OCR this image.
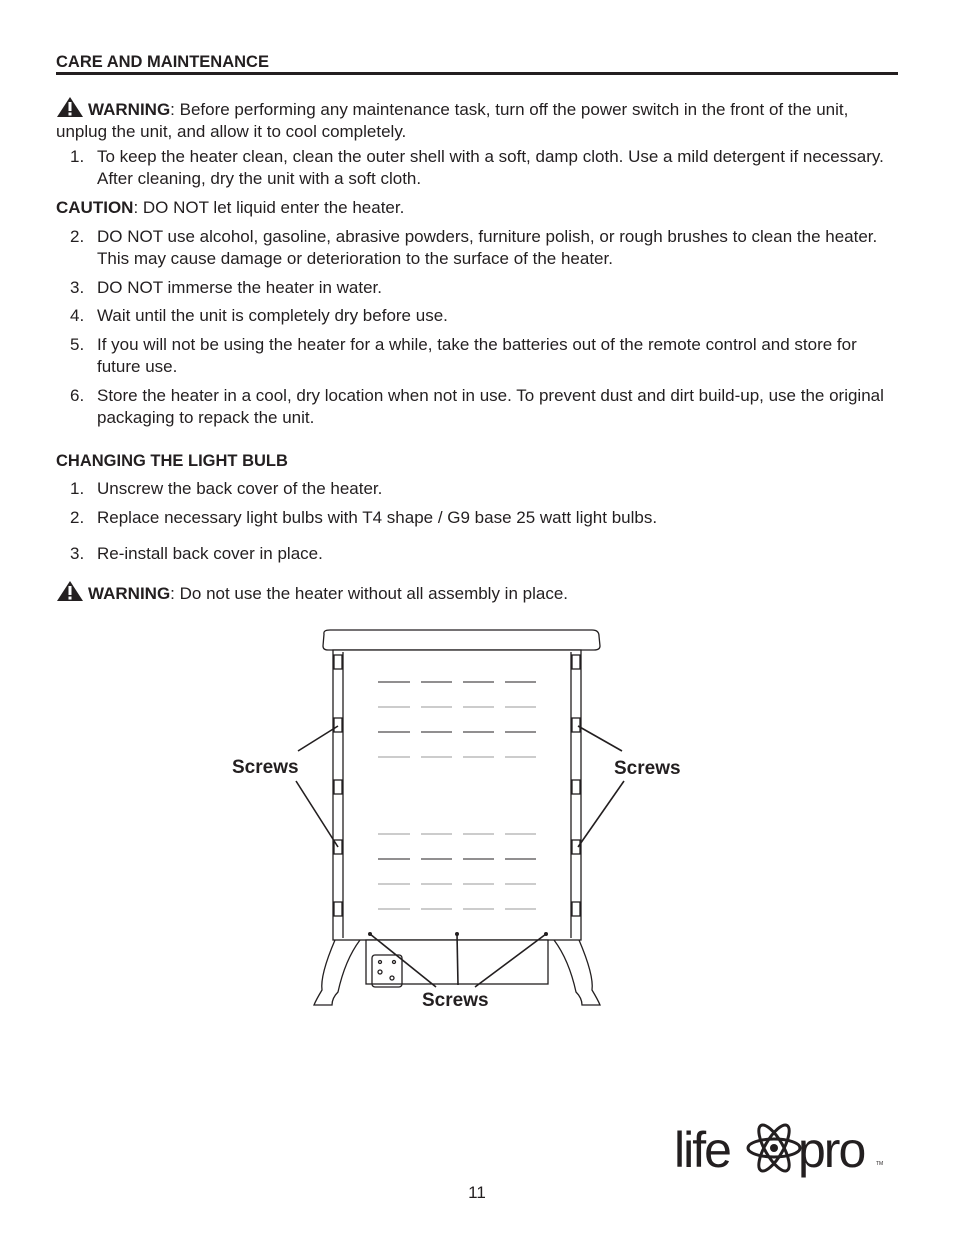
CARE AND MAINTENANCE
WARNING: Before performing any maintenance task, turn off the power switch in the front of the unit, unplug the unit, and allow it to cool completely.
1. To keep the heater clean, clean the outer shell with a soft, damp cloth. Use a mild detergent if necessary. After cleaning, dry the unit with a soft cloth.
CAUTION: DO NOT let liquid enter the heater.
2. DO NOT use alcohol, gasoline, abrasive powders, furniture polish, or rough brushes to clean the heater. This may cause damage or deterioration to the surface of the heater.
3. DO NOT immerse the heater in water.
4. Wait until the unit is completely dry before use.
5. If you will not be using the heater for a while, take the batteries out of the remote control and store for future use.
6. Store the heater in a cool, dry location when not in use. To prevent dust and dirt build-up, use the original packaging to repack the unit.
CHANGING THE LIGHT BULB
1. Unscrew the back cover of the heater.
2. Replace necessary light bulbs with T4 shape / G9 base 25 watt light bulbs.
3. Re-install back cover in place.
WARNING: Do not use the heater without all assembly in place.
Screws	Screws
Screws
life pro TM
11
